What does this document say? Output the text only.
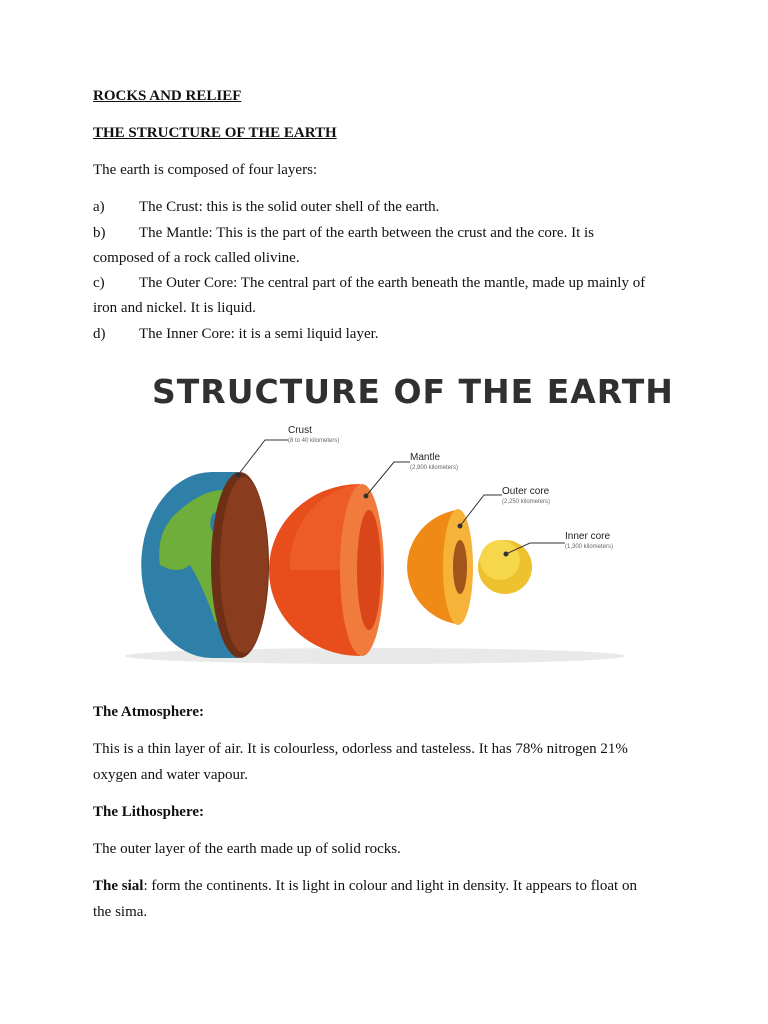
ROCKS AND RELIEF
THE STRUCTURE OF THE EARTH
The earth is composed of four layers:
a) The Crust: this is the solid outer shell of the earth.
b) The Mantle: This is the part of the earth between the crust and the core. It is
composed of a rock called olivine.
c) The Outer Core: The central part of the earth beneath the mantle, made up mainly of
iron and nickel. It is liquid.
d) The Inner Core: it is a semi liquid layer.
STRUCTURE OF THE EARTH
Crust
(8 to 40 kilometers)
Mantle
(2,900 kilometers)
Outer core
(2,250 kilometers)
Inner core
(1,300 kilometers)
The Atmosphere:
This is a thin layer of air. It is colourless, odorless and tasteless. It has 78% nitrogen 21%
oxygen and water vapour.
The Lithosphere:
The outer layer of the earth made up of solid rocks.
The sial: form the continents. It is light in colour and light in density. It appears to float on
the sima.
